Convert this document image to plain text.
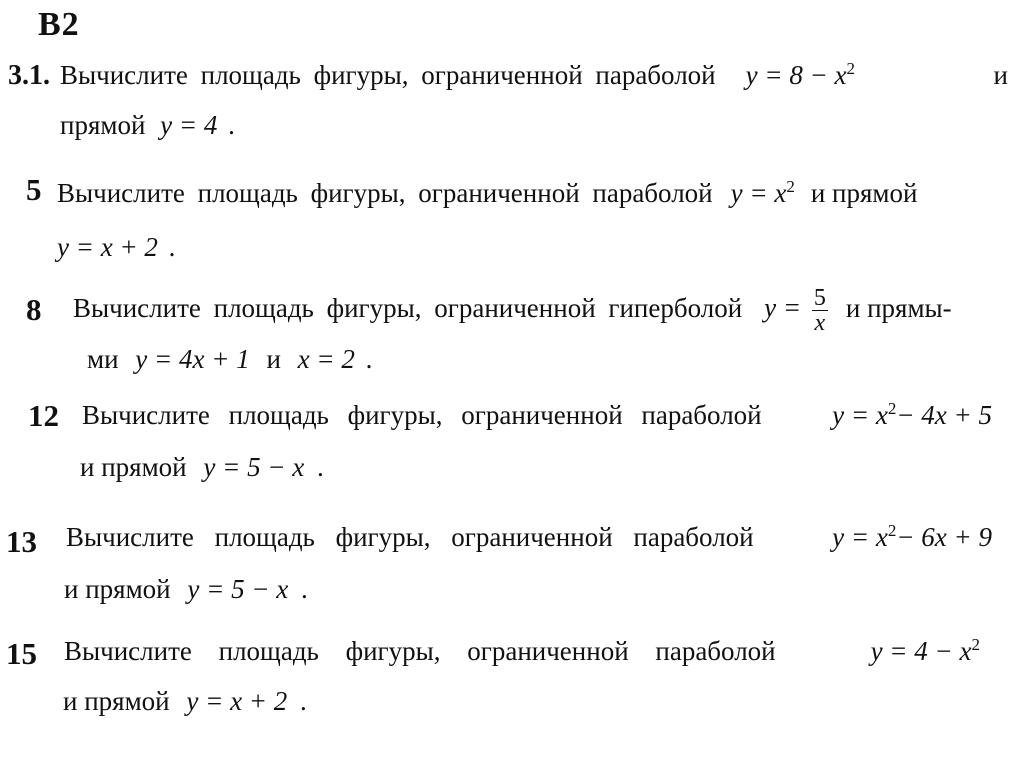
В2
3.1. Вычислите площадь фигуры, ограниченной параболой $y = 8 - x^2$	и
прямой y = 4 .
5 Вычислите площадь фигуры, ограниченной параболой $y = x^2$ и прямой
y = x + 2 .
8 Вычислите площадь фигуры, ограниченной гиперболой $y = \frac{5}{x}$ и прямы-
ми y = 4x + 1 и x = 2 .
12 Вычислите площадь фигуры, ограниченной параболой	$y = x^2- 4x + 5$
и прямой y = 5 − x .
13 Вычислите площадь фигуры, ограниченной параболой	$y = x^2- 6x + 9$
и прямой y = 5 − x .
15 Вычислите площадь фигуры, ограниченной параболой	$y = 4 - x^2$
и прямой y = x + 2 .
